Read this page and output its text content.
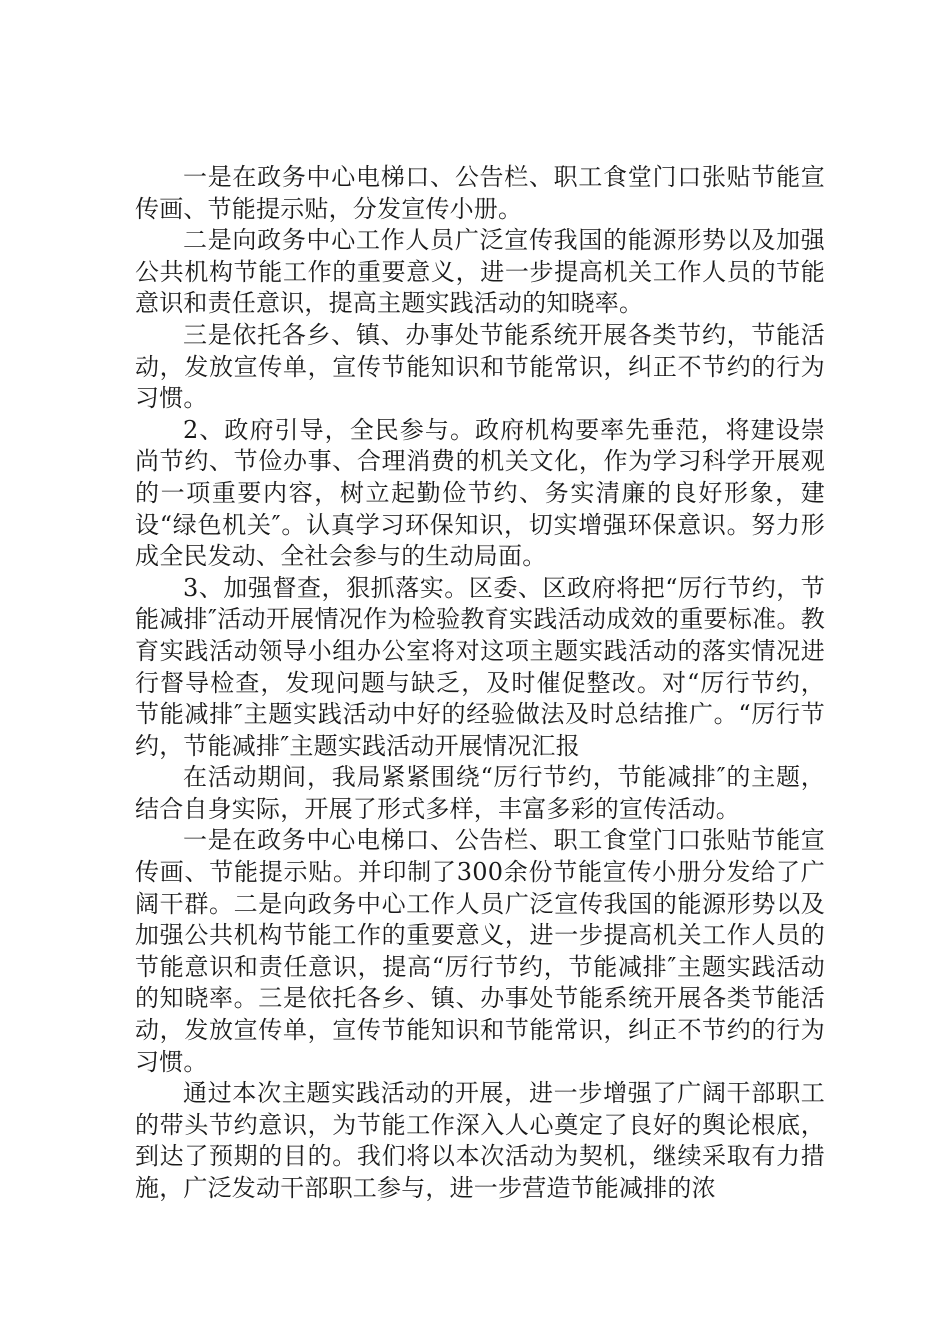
一是在政务中心电梯口、公告栏、职工食堂门口张贴节能宣传画、节能提示贴，分发宣传小册。

二是向政务中心工作人员广泛宣传我国的能源形势以及加强公共机构节能工作的重要意义，进一步提高机关工作人员的节能意识和责任意识，提高主题实践活动的知晓率。

三是依托各乡、镇、办事处节能系统开展各类节约，节能活动，发放宣传单，宣传节能知识和节能常识，纠正不节约的行为习惯。

2、政府引导，全民参与。政府机构要率先垂范，将建设崇尚节约、节俭办事、合理消费的机关文化，作为学习科学开展观的一项重要内容，树立起勤俭节约、务实清廉的良好形象，建设“绿色机关″。认真学习环保知识，切实增强环保意识。努力形成全民发动、全社会参与的生动局面。

3、加强督查，狠抓落实。区委、区政府将把“厉行节约，节能减排″活动开展情况作为检验教育实践活动成效的重要标准。教育实践活动领导小组办公室将对这项主题实践活动的落实情况进行督导检查，发现问题与缺乏，及时催促整改。对“厉行节约，节能减排″主题实践活动中好的经验做法及时总结推广。“厉行节约，节能减排″主题实践活动开展情况汇报

在活动期间，我局紧紧围绕“厉行节约，节能减排″的主题，结合自身实际，开展了形式多样，丰富多彩的宣传活动。

一是在政务中心电梯口、公告栏、职工食堂门口张贴节能宣传画、节能提示贴。并印制了300余份节能宣传小册分发给了广阔干群。二是向政务中心工作人员广泛宣传我国的能源形势以及加强公共机构节能工作的重要意义，进一步提高机关工作人员的节能意识和责任意识，提高“厉行节约，节能减排″主题实践活动的知晓率。三是依托各乡、镇、办事处节能系统开展各类节能活动，发放宣传单，宣传节能知识和节能常识，纠正不节约的行为习惯。

通过本次主题实践活动的开展，进一步增强了广阔干部职工的带头节约意识，为节能工作深入人心奠定了良好的舆论根底，到达了预期的目的。我们将以本次活动为契机，继续采取有力措施，广泛发动干部职工参与，进一步营造节能减排的浓
